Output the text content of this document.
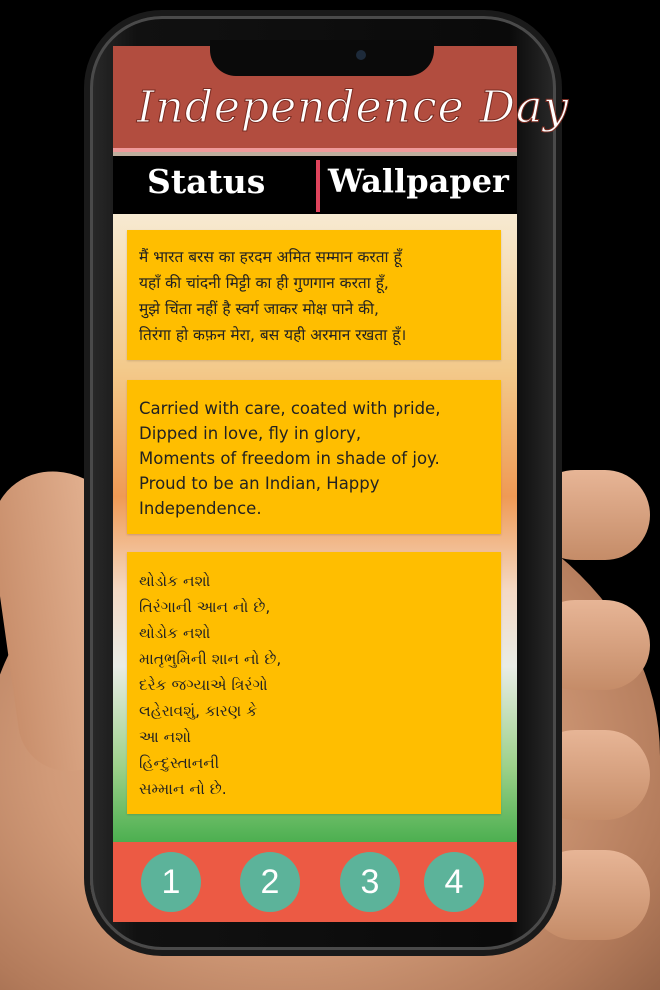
Independence Day
Status Wallpaper
मैं भारत बरस का हरदम अमित सम्मान करता हूँ
यहाँ की चांदनी मिट्टी का ही गुणगान करता हूँ,
मुझे चिंता नहीं है स्वर्ग जाकर मोक्ष पाने की,
तिरंगा हो कफ़न मेरा, बस यही अरमान रखता हूँ।
Carried with care, coated with pride,
Dipped in love, fly in glory,
Moments of freedom in shade of joy.
Proud to be an Indian, Happy
Independence.
થોડોક નશો
તિરંગાની આન નો છે,
થોડોક નશો
માતૃભુમિની શાન નો છે,
દરેક જગ્યાએ ત્રિરંગો
લહેરાવશું, કારણ કે
આ નશો
હિન્દુસ્તાનની
સમ્માન નો છે.
1	2	3	4
